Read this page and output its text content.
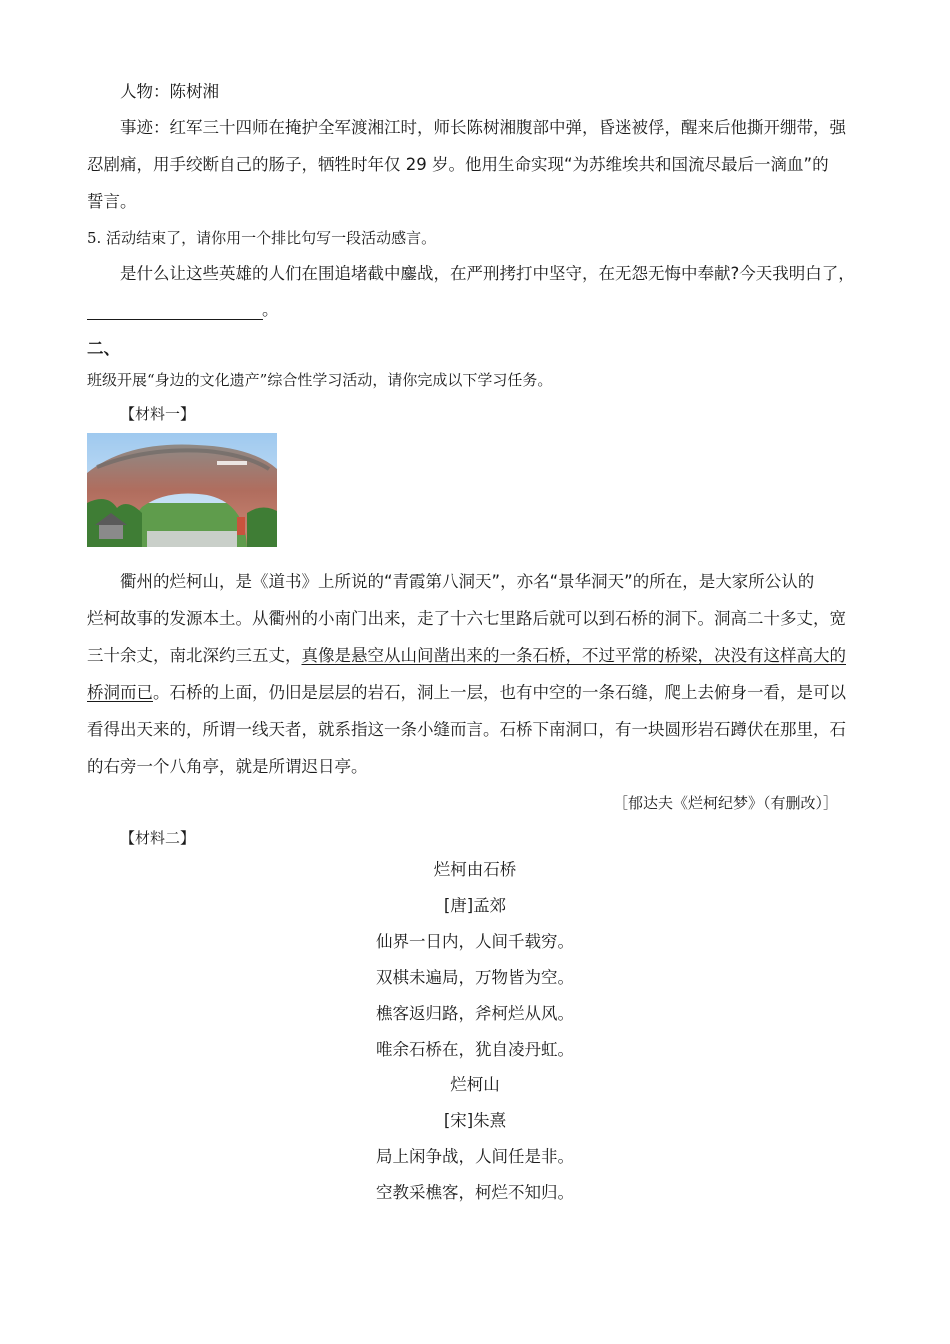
人物：陈树湘
事迹：红军三十四师在掩护全军渡湘江时，师长陈树湘腹部中弹，昏迷被俘，醒来后他撕开绷带，强
忍剧痛，用手绞断自己的肠子，牺牲时年仅 29 岁。他用生命实现“为苏维埃共和国流尽最后一滴血”的
誓言。
5. 活动结束了，请你用一个排比句写一段活动感言。
是什么让这些英雄的人们在围追堵截中鏖战，在严刑拷打中坚守，在无怨无悔中奉献?今天我明白了，
。
二、
班级开展“身边的文化遗产”综合性学习活动，请你完成以下学习任务。
【材料一】
衢州的烂柯山，是《道书》上所说的“青霞第八洞天”，亦名“景华洞天”的所在，是大家所公认的
烂柯故事的发源本土。从衢州的小南门出来，走了十六七里路后就可以到石桥的洞下。洞高二十多丈，宽
三十余丈，南北深约三五丈，真像是悬空从山间凿出来的一条石桥，不过平常的桥梁，决没有这样高大的
桥洞而已。石桥的上面，仍旧是层层的岩石，洞上一层，也有中空的一条石缝，爬上去俯身一看，是可以
看得出天来的，所谓一线天者，就系指这一条小缝而言。石桥下南洞口，有一块圆形岩石蹲伏在那里，石
的右旁一个八角亭，就是所谓迟日亭。
［郁达夫《烂柯纪梦》（有删改）］
【材料二】
烂柯由石桥
[唐]孟郊
仙界一日内，人间千载穷。
双棋未遍局，万物皆为空。
樵客返归路，斧柯烂从风。
唯余石桥在，犹自凌丹虹。
烂柯山
[宋]朱熹
局上闲争战，人间任是非。
空教采樵客，柯烂不知归。
